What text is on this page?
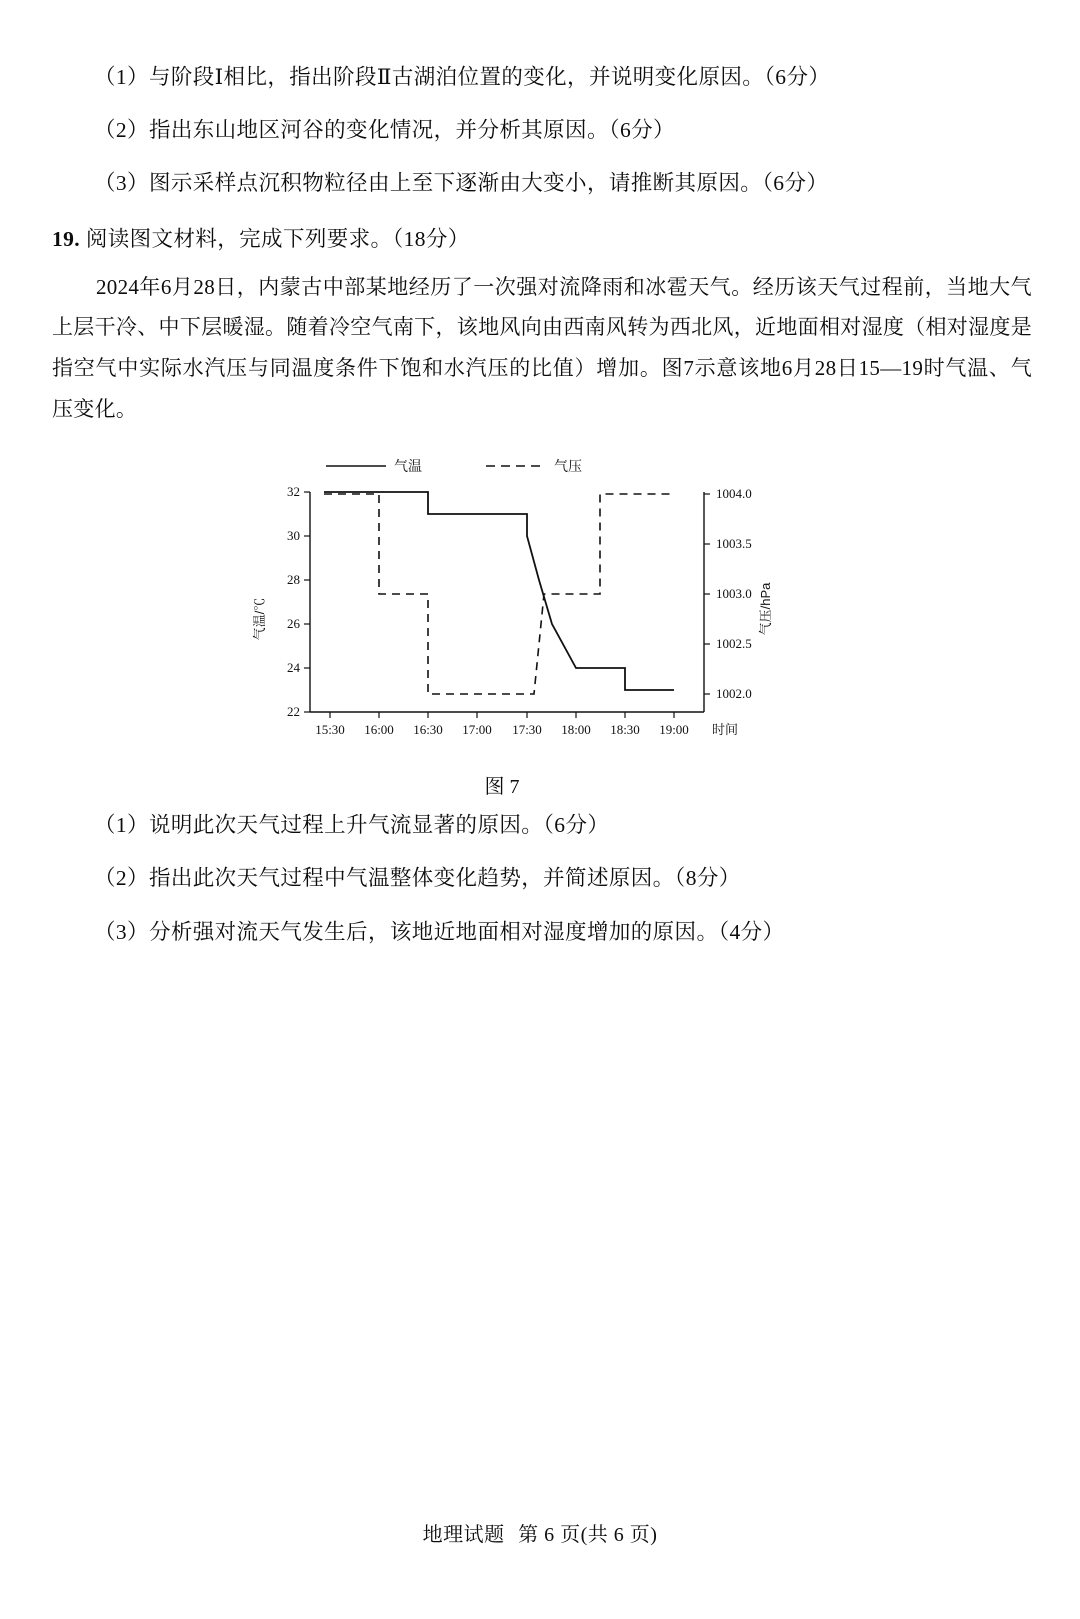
（1）与阶段Ⅰ相比，指出阶段Ⅱ古湖泊位置的变化，并说明变化原因。（6分）
（2）指出东山地区河谷的变化情况，并分析其原因。（6分）
（3）图示采样点沉积物粒径由上至下逐渐由大变小，请推断其原因。（6分）
19. 阅读图文材料，完成下列要求。（18分）
2024年6月28日，内蒙古中部某地经历了一次强对流降雨和冰雹天气。经历该天气过程前，当地大气上层干冷、中下层暖湿。随着冷空气南下，该地风向由西南风转为西北风，近地面相对湿度（相对湿度是指空气中实际水汽压与同温度条件下饱和水汽压的比值）增加。图7示意该地6月28日15—19时气温、气压变化。
气温	气压
22
24
26
28
30
32
1002.0
1002.5
1003.0
1003.5
1004.0
15:30 16:00 16:30 17:00 17:30 18:00 18:30 19:00 时间
气温/℃	气压/hPa
图 7
（1）说明此次天气过程上升气流显著的原因。（6分）
（2）指出此次天气过程中气温整体变化趋势，并简述原因。（8分）
（3）分析强对流天气发生后，该地近地面相对湿度增加的原因。（4分）
地理试题 第 6 页(共 6 页)
